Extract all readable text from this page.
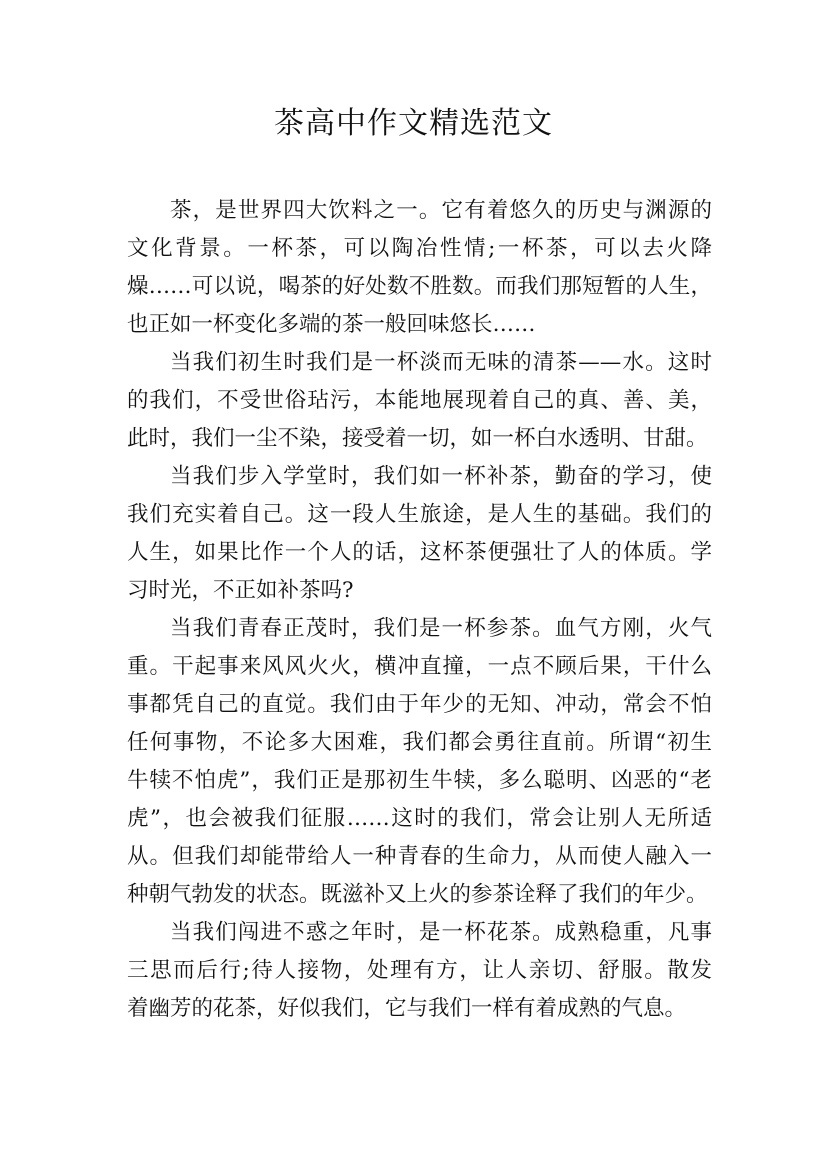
茶高中作文精选范文
茶，是世界四大饮料之一。它有着悠久的历史与渊源的
文化背景。一杯茶，可以陶冶性情;一杯茶，可以去火降
燥……可以说，喝茶的好处数不胜数。而我们那短暂的人生，
也正如一杯变化多端的茶一般回味悠长……
当我们初生时我们是一杯淡而无味的清茶——水。这时
的我们，不受世俗玷污，本能地展现着自己的真、善、美，
此时，我们一尘不染，接受着一切，如一杯白水透明、甘甜。
当我们步入学堂时，我们如一杯补茶，勤奋的学习，使
我们充实着自己。这一段人生旅途，是人生的基础。我们的
人生，如果比作一个人的话，这杯茶便强壮了人的体质。学
习时光，不正如补茶吗?
当我们青春正茂时，我们是一杯参茶。血气方刚，火气
重。干起事来风风火火，横冲直撞，一点不顾后果，干什么
事都凭自己的直觉。我们由于年少的无知、冲动，常会不怕
任何事物，不论多大困难，我们都会勇往直前。所谓“初生
牛犊不怕虎”，我们正是那初生牛犊，多么聪明、凶恶的“老
虎”，也会被我们征服……这时的我们，常会让别人无所适
从。但我们却能带给人一种青春的生命力，从而使人融入一
种朝气勃发的状态。既滋补又上火的参茶诠释了我们的年少。
当我们闯进不惑之年时，是一杯花茶。成熟稳重，凡事
三思而后行;待人接物，处理有方，让人亲切、舒服。散发
着幽芳的花茶，好似我们，它与我们一样有着成熟的气息。
